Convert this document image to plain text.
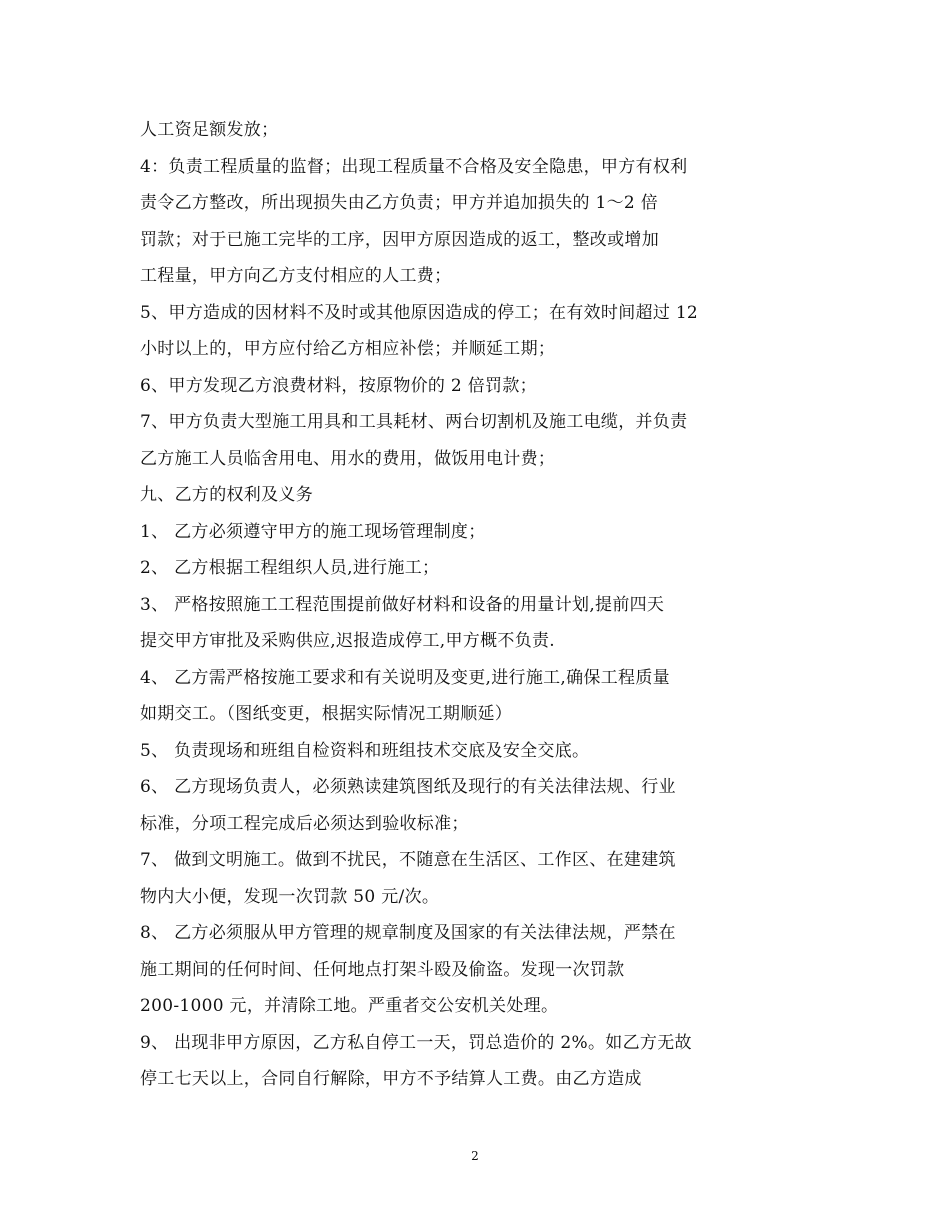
人工资足额发放；
4：负责工程质量的监督；出现工程质量不合格及安全隐患，甲方有权利
责令乙方整改，所出现损失由乙方负责；甲方并追加损失的 1～2 倍
罚款；对于已施工完毕的工序，因甲方原因造成的返工，整改或增加
工程量，甲方向乙方支付相应的人工费；
5、甲方造成的因材料不及时或其他原因造成的停工；在有效时间超过 12
小时以上的，甲方应付给乙方相应补偿；并顺延工期；
6、甲方发现乙方浪费材料，按原物价的 2 倍罚款；
7、甲方负责大型施工用具和工具耗材、两台切割机及施工电缆，并负责
乙方施工人员临舍用电、用水的费用，做饭用电计费；
九、乙方的权利及义务
1、 乙方必须遵守甲方的施工现场管理制度；
2、 乙方根据工程组织人员,进行施工；
3、 严格按照施工工程范围提前做好材料和设备的用量计划,提前四天
提交甲方审批及采购供应,迟报造成停工,甲方概不负责.
4、 乙方需严格按施工要求和有关说明及变更,进行施工,确保工程质量
如期交工。（图纸变更，根据实际情况工期顺延）
5、 负责现场和班组自检资料和班组技术交底及安全交底。
6、 乙方现场负责人，必须熟读建筑图纸及现行的有关法律法规、行业
标准，分项工程完成后必须达到验收标准；
7、 做到文明施工。做到不扰民，不随意在生活区、工作区、在建建筑
物内大小便，发现一次罚款 50 元/次。
8、 乙方必须服从甲方管理的规章制度及国家的有关法律法规，严禁在
施工期间的任何时间、任何地点打架斗殴及偷盗。发现一次罚款
200-1000 元，并清除工地。严重者交公安机关处理。
9、 出现非甲方原因，乙方私自停工一天，罚总造价的 2%。如乙方无故
停工七天以上，合同自行解除，甲方不予结算人工费。由乙方造成
2
